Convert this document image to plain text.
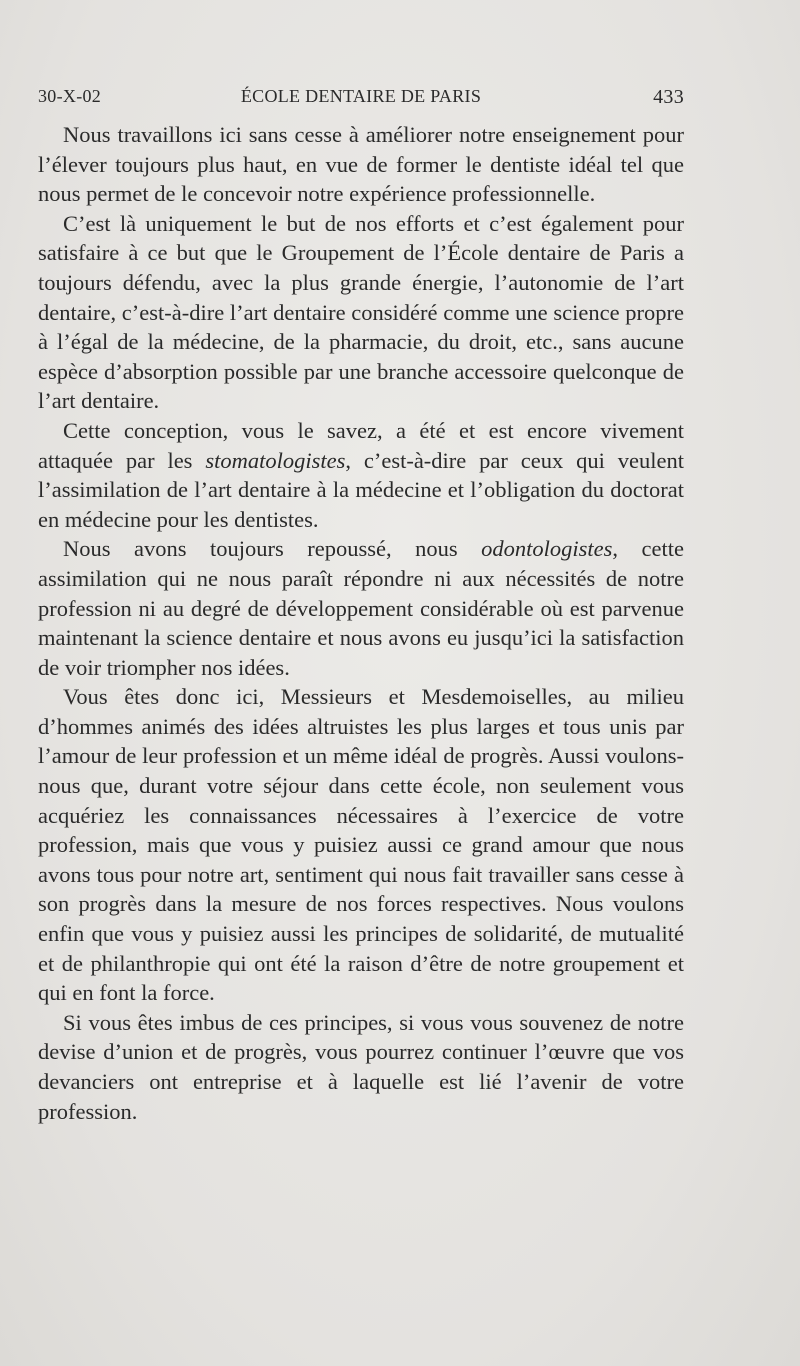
30-X-02	ÉCOLE DENTAIRE DE PARIS	433

Nous travaillons ici sans cesse à améliorer notre enseignement pour l’élever toujours plus haut, en vue de former le dentiste idéal tel que nous permet de le concevoir notre expérience professionnelle.

C’est là uniquement le but de nos efforts et c’est également pour satisfaire à ce but que le Groupement de l’École dentaire de Paris a toujours défendu, avec la plus grande énergie, l’autonomie de l’art dentaire, c’est-à-dire l’art dentaire considéré comme une science propre à l’égal de la médecine, de la pharmacie, du droit, etc., sans aucune espèce d’absorption possible par une branche accessoire quelconque de l’art dentaire.

Cette conception, vous le savez, a été et est encore vivement attaquée par les stomatologistes, c’est-à-dire par ceux qui veulent l’assimilation de l’art dentaire à la médecine et l’obligation du doctorat en médecine pour les dentistes.

Nous avons toujours repoussé, nous odontologistes, cette assimilation qui ne nous paraît répondre ni aux nécessités de notre profession ni au degré de développement considérable où est parvenue maintenant la science dentaire et nous avons eu jusqu’ici la satisfaction de voir triompher nos idées.

Vous êtes donc ici, Messieurs et Mesdemoiselles, au milieu d’hommes animés des idées altruistes les plus larges et tous unis par l’amour de leur profession et un même idéal de progrès. Aussi voulons-nous que, durant votre séjour dans cette école, non seulement vous acquériez les connaissances nécessaires à l’exercice de votre profession, mais que vous y puisiez aussi ce grand amour que nous avons tous pour notre art, sentiment qui nous fait travailler sans cesse à son progrès dans la mesure de nos forces respectives. Nous voulons enfin que vous y puisiez aussi les principes de solidarité, de mutualité et de philanthropie qui ont été la raison d’être de notre groupement et qui en font la force.

Si vous êtes imbus de ces principes, si vous vous souvenez de notre devise d’union et de progrès, vous pourrez continuer l’œuvre que vos devanciers ont entreprise et à laquelle est lié l’avenir de votre profession.
